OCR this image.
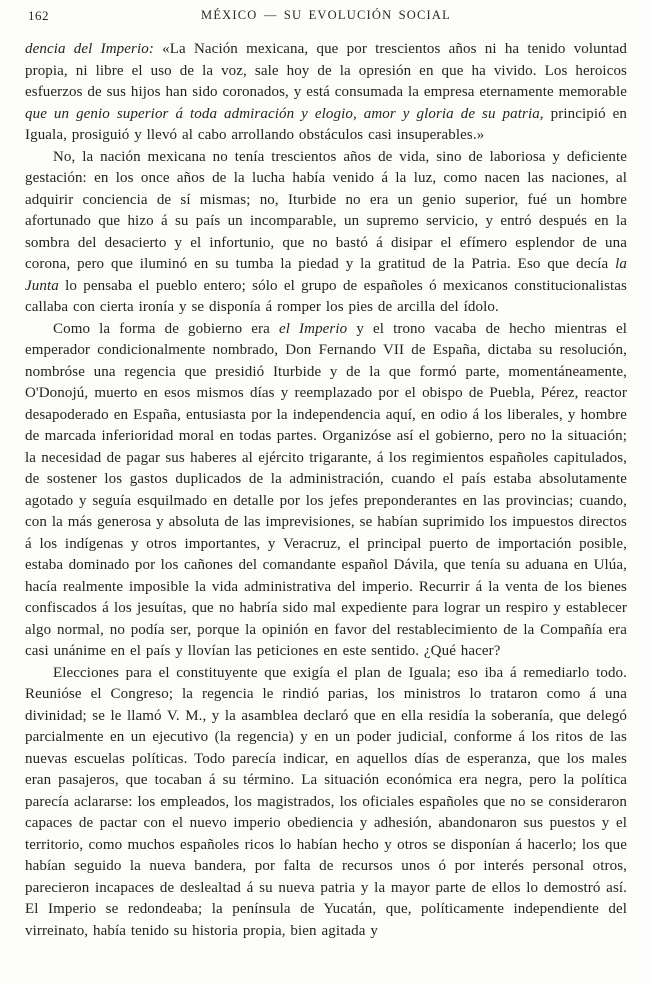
162	MÉXICO — SU EVOLUCIÓN SOCIAL

dencia del Imperio: «La Nación mexicana, que por trescientos años ni ha tenido voluntad propia, ni libre el uso de la voz, sale hoy de la opresión en que ha vivido. Los heroicos esfuerzos de sus hijos han sido coronados, y está consumada la empresa eternamente memorable que un genio superior á toda admiración y elogio, amor y gloria de su patria, principió en Iguala, prosiguió y llevó al cabo arrollando obstáculos casi insuperables.»

No, la nación mexicana no tenía trescientos años de vida, sino de laboriosa y deficiente gestación: en los once años de la lucha había venido á la luz, como nacen las naciones, al adquirir conciencia de sí mismas; no, Iturbide no era un genio superior, fué un hombre afortunado que hizo á su país un incomparable, un supremo servicio, y entró después en la sombra del desacierto y el infortunio, que no bastó á disipar el efímero esplendor de una corona, pero que iluminó en su tumba la piedad y la gratitud de la Patria. Eso que decía la Junta lo pensaba el pueblo entero; sólo el grupo de españoles ó mexicanos constitucionalistas callaba con cierta ironía y se disponía á romper los pies de arcilla del ídolo.

Como la forma de gobierno era el Imperio y el trono vacaba de hecho mientras el emperador condicionalmente nombrado, Don Fernando VII de España, dictaba su resolución, nombróse una regencia que presidió Iturbide y de la que formó parte, momentáneamente, O'Donojú, muerto en esos mismos días y reemplazado por el obispo de Puebla, Pérez, reactor desapoderado en España, entusiasta por la independencia aquí, en odio á los liberales, y hombre de marcada inferioridad moral en todas partes. Organizóse así el gobierno, pero no la situación; la necesidad de pagar sus haberes al ejército trigarante, á los regimientos españoles capitulados, de sostener los gastos duplicados de la administración, cuando el país estaba absolutamente agotado y seguía esquilmado en detalle por los jefes preponderantes en las provincias; cuando, con la más generosa y absoluta de las imprevisiones, se habían suprimido los impuestos directos á los indígenas y otros importantes, y Veracruz, el principal puerto de importación posible, estaba dominado por los cañones del comandante español Dávila, que tenía su aduana en Ulúa, hacía realmente imposible la vida administrativa del imperio. Recurrir á la venta de los bienes confiscados á los jesuítas, que no habría sido mal expediente para lograr un respiro y establecer algo normal, no podía ser, porque la opinión en favor del restablecimiento de la Compañía era casi unánime en el país y llovían las peticiones en este sentido. ¿Qué hacer?

Elecciones para el constituyente que exigía el plan de Iguala; eso iba á remediarlo todo. Reunióse el Congreso; la regencia le rindió parias, los ministros lo trataron como á una divinidad; se le llamó V. M., y la asamblea declaró que en ella residía la soberanía, que delegó parcialmente en un ejecutivo (la regencia) y en un poder judicial, conforme á los ritos de las nuevas escuelas políticas. Todo parecía indicar, en aquellos días de esperanza, que los males eran pasajeros, que tocaban á su término. La situación económica era negra, pero la política parecía aclararse: los empleados, los magistrados, los oficiales españoles que no se consideraron capaces de pactar con el nuevo imperio obediencia y adhesión, abandonaron sus puestos y el territorio, como muchos españoles ricos lo habían hecho y otros se disponían á hacerlo; los que habían seguido la nueva bandera, por falta de recursos unos ó por interés personal otros, parecieron incapaces de deslealtad á su nueva patria y la mayor parte de ellos lo demostró así. El Imperio se redondeaba; la península de Yucatán, que, políticamente independiente del virreinato, había tenido su historia propia, bien agitada y
